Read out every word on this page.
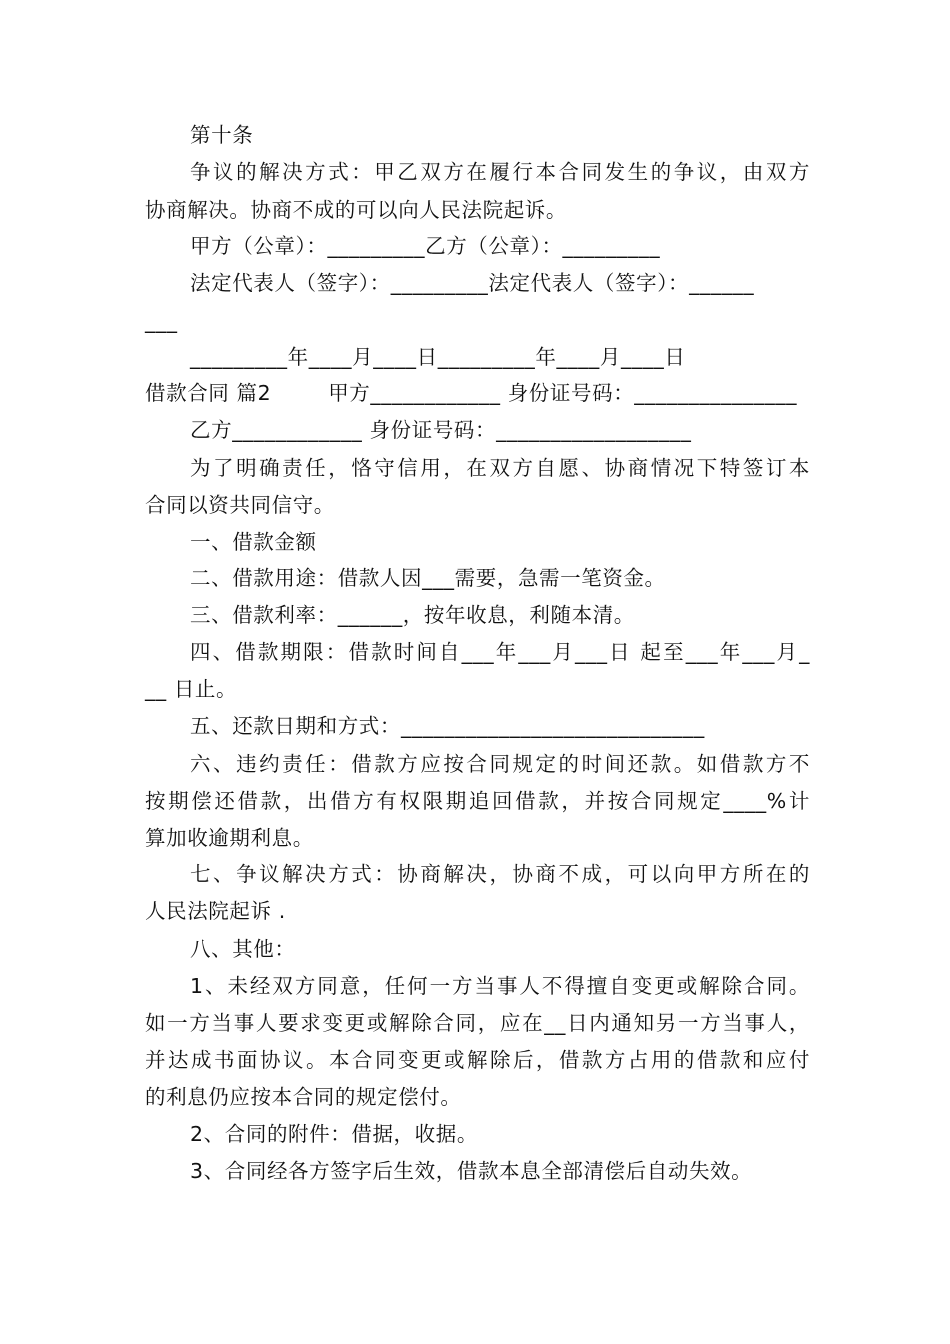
第十条
争议的解决方式：甲乙双方在履行本合同发生的争议，由双方
协商解决。协商不成的可以向人民法院起诉。
甲方（公章）：_________乙方（公章）：_________
法定代表人（签字）：_________法定代表人（签字）：______
___
_________年____月____日_________年____月____日
借款合同 篇2        甲方____________ 身份证号码：_______________
乙方____________ 身份证号码：__________________
为了明确责任，恪守信用，在双方自愿、协商情况下特签订本
合同以资共同信守。
一、借款金额
二、借款用途：借款人因___需要，急需一笔资金。
三、借款利率：______，按年收息，利随本清。
四、借款期限：借款时间自___年___月___日 起至___年___月_
__ 日止。
五、还款日期和方式：____________________________
六、违约责任：借款方应按合同规定的时间还款。如借款方不
按期偿还借款，出借方有权限期追回借款，并按合同规定____%计
算加收逾期利息。
七、争议解决方式：协商解决，协商不成，可以向甲方所在的
人民法院起诉 .
八、其他：
1、未经双方同意，任何一方当事人不得擅自变更或解除合同。
如一方当事人要求变更或解除合同，应在__日内通知另一方当事人，
并达成书面协议。本合同变更或解除后，借款方占用的借款和应付
的利息仍应按本合同的规定偿付。
2、合同的附件：借据，收据。
3、合同经各方签字后生效，借款本息全部清偿后自动失效。
